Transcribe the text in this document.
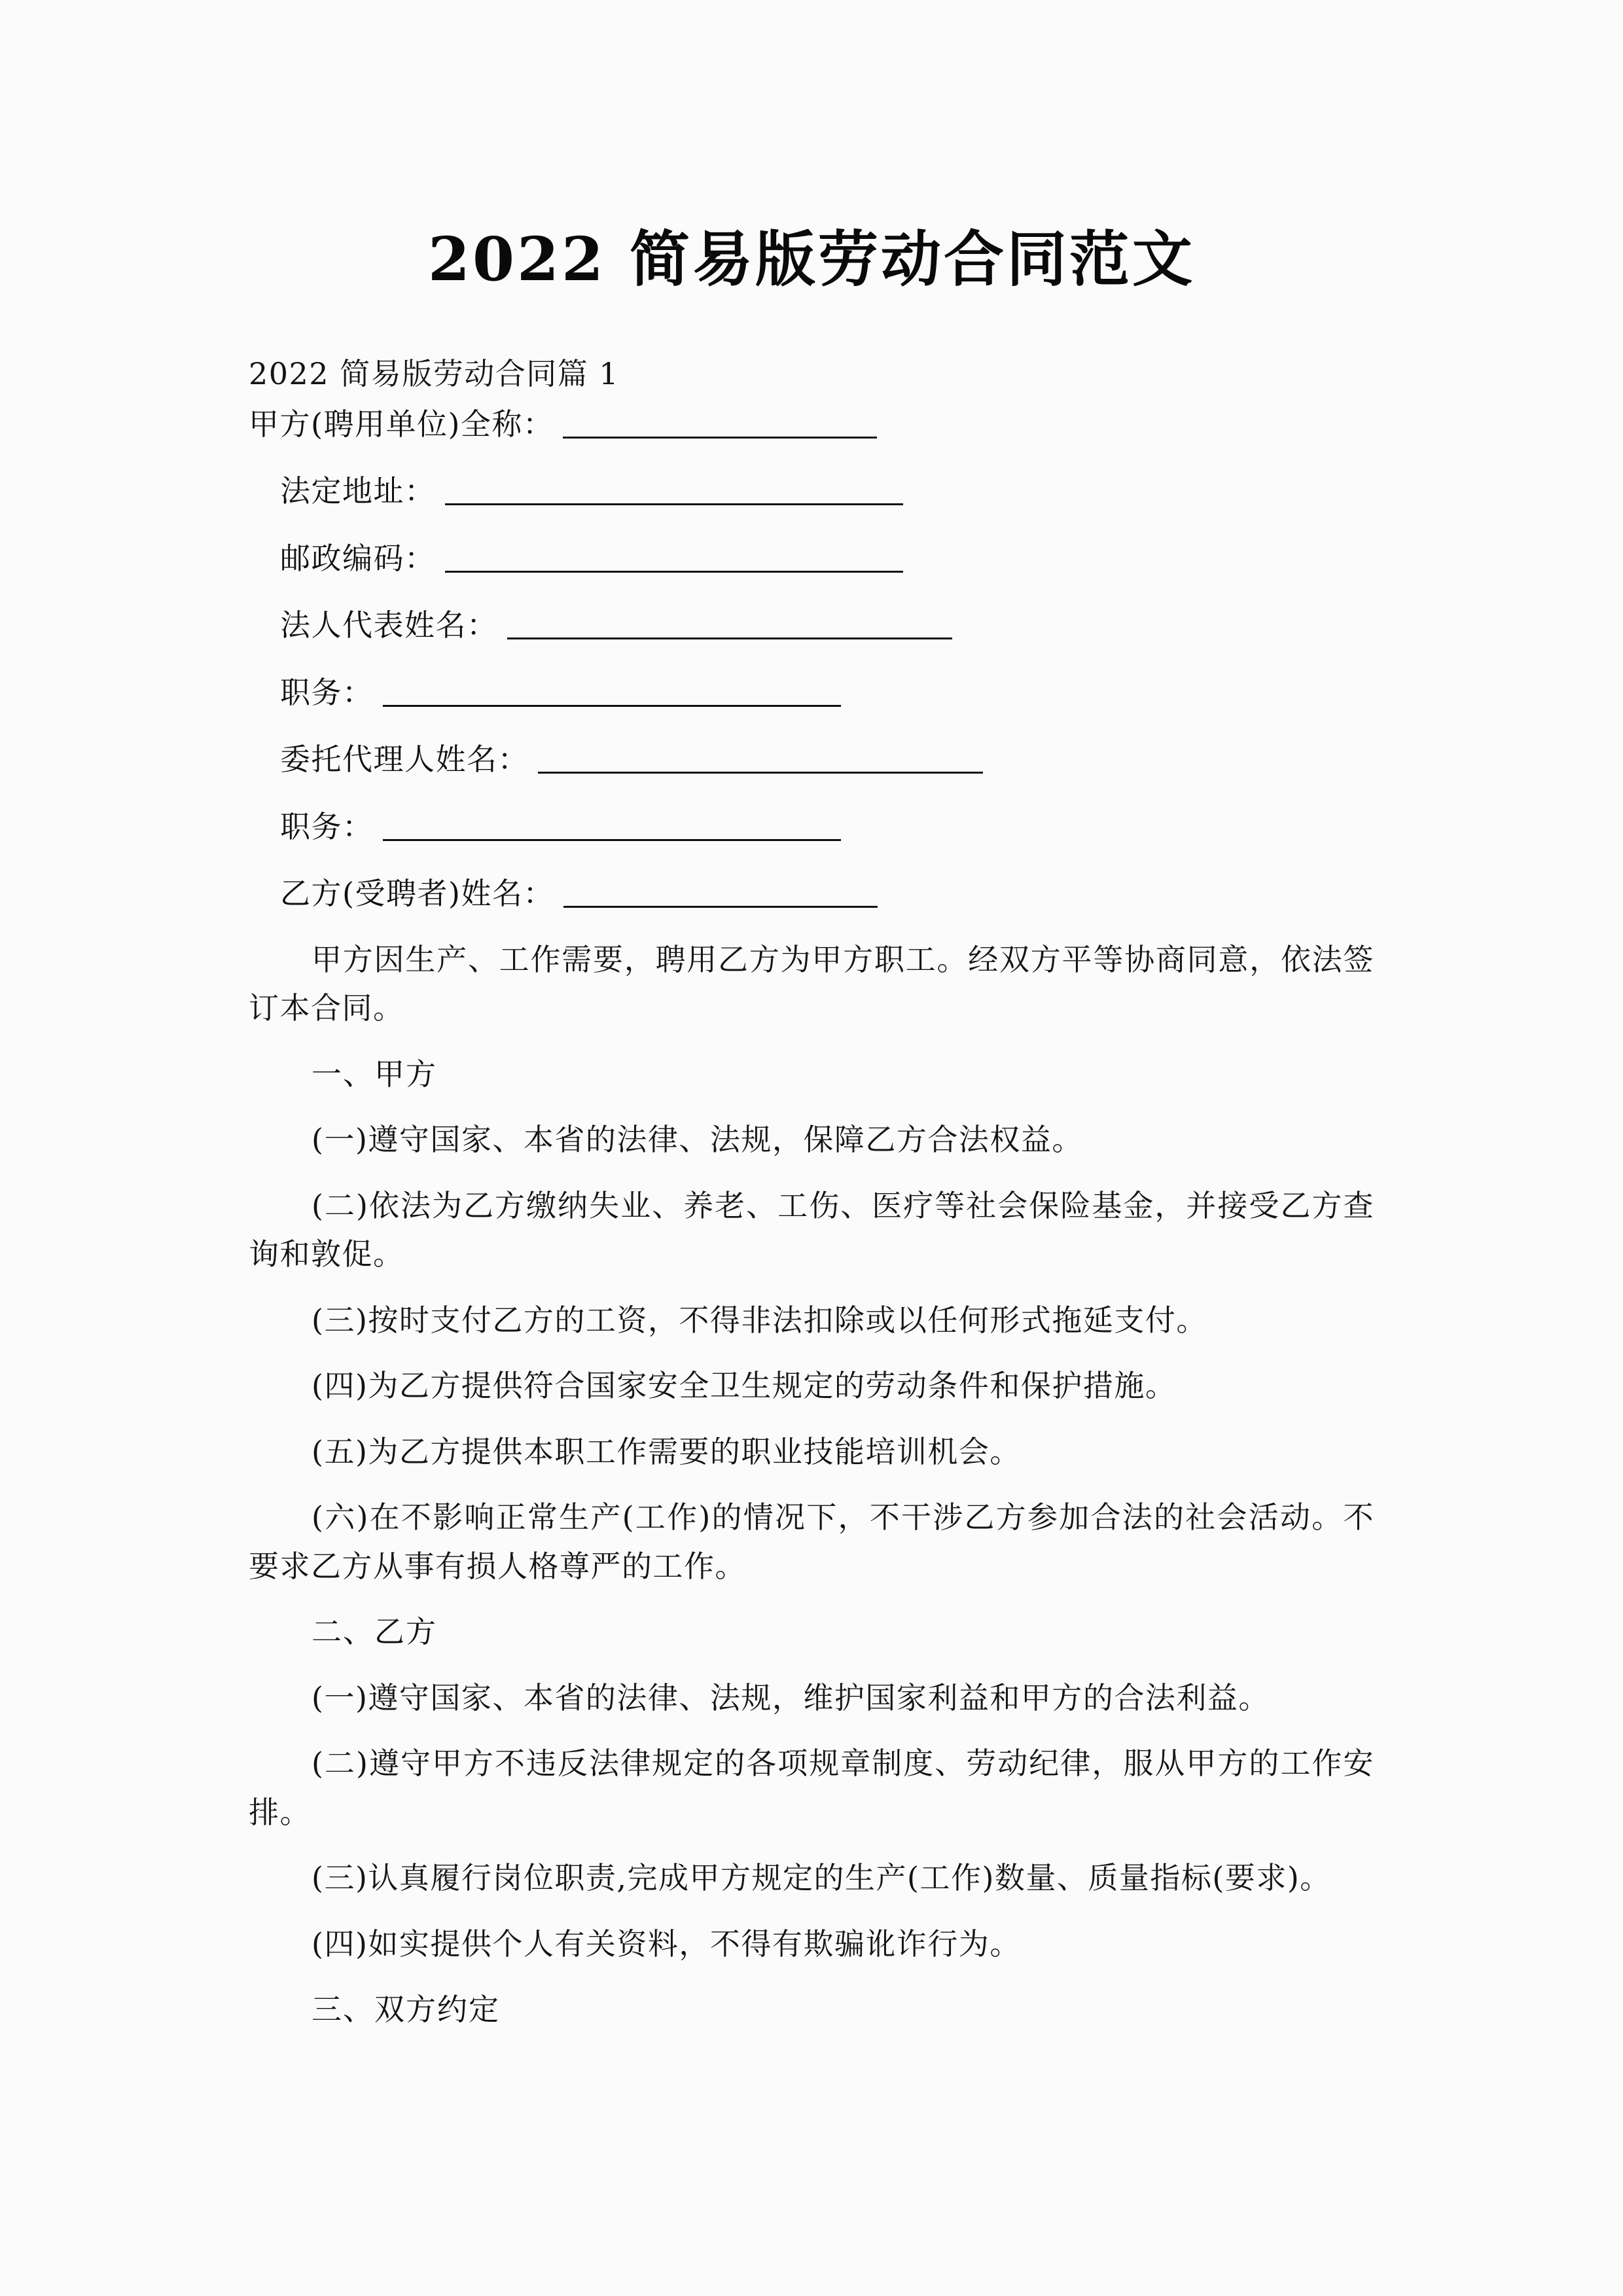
2022 简易版劳动合同范文

2022 简易版劳动合同篇 1

甲方(聘用单位)全称：
法定地址：
邮政编码：
法人代表姓名：
职务：
委托代理人姓名：
职务：
乙方(受聘者)姓名：

甲方因生产、工作需要，聘用乙方为甲方职工。经双方平等协商同意，依法签订本合同。

一、甲方

(一)遵守国家、本省的法律、法规，保障乙方合法权益。

(二)依法为乙方缴纳失业、养老、工伤、医疗等社会保险基金，并接受乙方查询和敦促。

(三)按时支付乙方的工资，不得非法扣除或以任何形式拖延支付。

(四)为乙方提供符合国家安全卫生规定的劳动条件和保护措施。

(五)为乙方提供本职工作需要的职业技能培训机会。

(六)在不影响正常生产(工作)的情况下，不干涉乙方参加合法的社会活动。不要求乙方从事有损人格尊严的工作。

二、乙方

(一)遵守国家、本省的法律、法规，维护国家利益和甲方的合法利益。

(二)遵守甲方不违反法律规定的各项规章制度、劳动纪律，服从甲方的工作安排。

(三)认真履行岗位职责,完成甲方规定的生产(工作)数量、质量指标(要求)。

(四)如实提供个人有关资料，不得有欺骗讹诈行为。

三、双方约定
